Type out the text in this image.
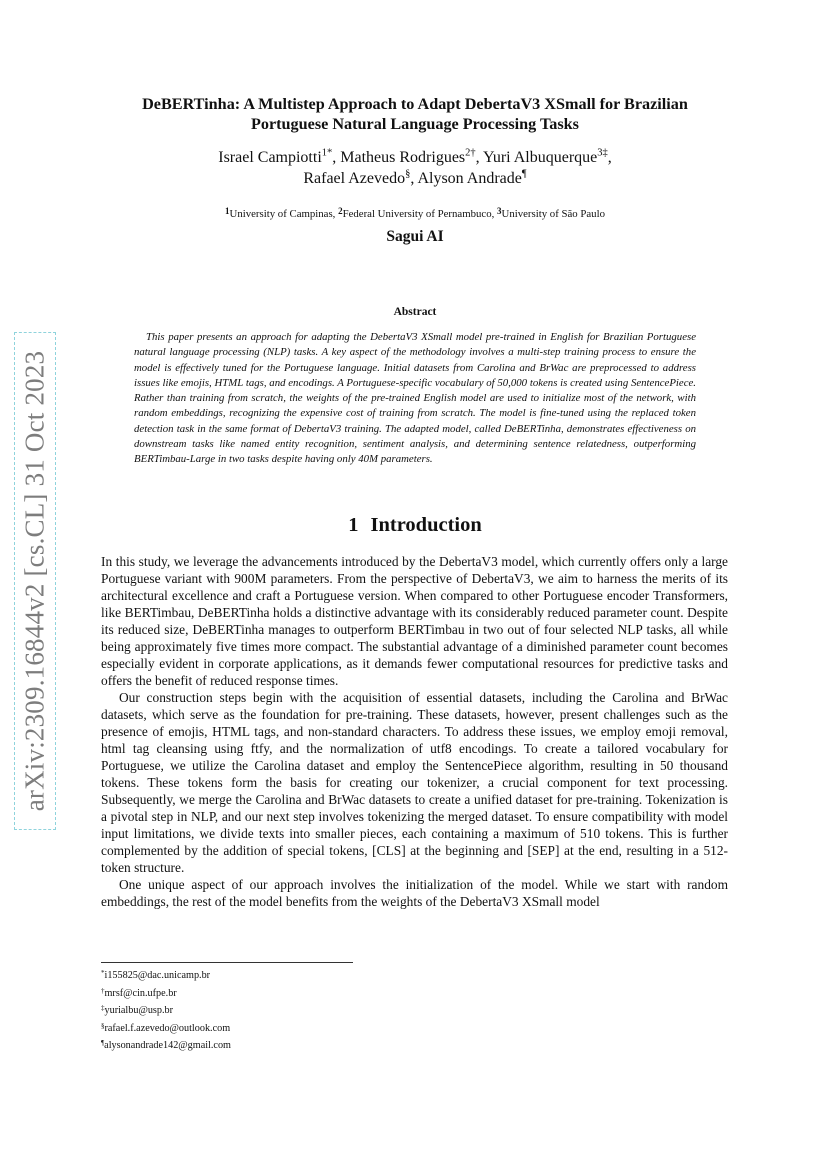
arXiv:2309.16844v2 [cs.CL] 31 Oct 2023
DeBERTinha: A Multistep Approach to Adapt DebertaV3 XSmall for Brazilian
Portuguese Natural Language Processing Tasks
Israel Campiotti$^{1*}$, Matheus Rodrigues$^{2\dagger}$, Yuri Albuquerque$^{3\ddagger}$,
Rafael Azevedo§, Alyson Andrade¶
$^1$University of Campinas, $^2$Federal University of Pernambuco, $^3$University of São Paulo
Sagui AI
Abstract

This paper presents an approach for adapting the DebertaV3 XSmall model pre-trained in English for Brazilian Portuguese natural language processing (NLP) tasks. A key aspect of the methodology involves a multi-step training process to ensure the model is effectively tuned for the Portuguese language. Initial datasets from Carolina and BrWac are preprocessed to address issues like emojis, HTML tags, and encodings. A Portuguese-specific vocabulary of 50,000 tokens is created using SentencePiece. Rather than training from scratch, the weights of the pre-trained English model are used to initialize most of the network, with random embeddings, recognizing the expensive cost of training from scratch. The model is fine-tuned using the replaced token detection task in the same format of DebertaV3 training. The adapted model, called DeBERTinha, demonstrates effectiveness on downstream tasks like named entity recognition, sentiment analysis, and determining sentence relatedness, outperforming BERTimbau-Large in two tasks despite having only 40M parameters.

1 Introduction

In this study, we leverage the advancements introduced by the DebertaV3 model, which currently offers only a large Portuguese variant with 900M parameters. From the perspective of DebertaV3, we aim to harness the merits of its architectural excellence and craft a Portuguese version. When compared to other Portuguese encoder Transformers, like BERTimbau, DeBERTinha holds a distinctive advantage with its considerably reduced parameter count. Despite its reduced size, DeBERTinha manages to outperform BERTimbau in two out of four selected NLP tasks, all while being approximately five times more compact. The substantial advantage of a diminished parameter count becomes especially evident in corporate applications, as it demands fewer computational resources for predictive tasks and offers the benefit of reduced response times.

Our construction steps begin with the acquisition of essential datasets, including the Carolina and BrWac datasets, which serve as the foundation for pre-training. These datasets, however, present challenges such as the presence of emojis, HTML tags, and non-standard characters. To address these issues, we employ emoji removal, html tag cleansing using ftfy, and the normalization of utf8 encodings. To create a tailored vocabulary for Portuguese, we utilize the Carolina dataset and employ the SentencePiece algorithm, resulting in 50 thousand tokens. These tokens form the basis for creating our tokenizer, a crucial component for text processing. Subsequently, we merge the Carolina and BrWac datasets to create a unified dataset for pre-training. Tokenization is a pivotal step in NLP, and our next step involves tokenizing the merged dataset. To ensure compatibility with model input limitations, we divide texts into smaller pieces, each containing a maximum of 510 tokens. This is further complemented by the addition of special tokens, [CLS] at the beginning and [SEP] at the end, resulting in a 512-token structure.

One unique aspect of our approach involves the initialization of the model. While we start with random embeddings, the rest of the model benefits from the weights of the DebertaV3 XSmall model

*i155825@dac.unicamp.br
†mrsf@cin.ufpe.br
‡yurialbu@usp.br
§rafael.f.azevedo@outlook.com
¶alysonandrade142@gmail.com
